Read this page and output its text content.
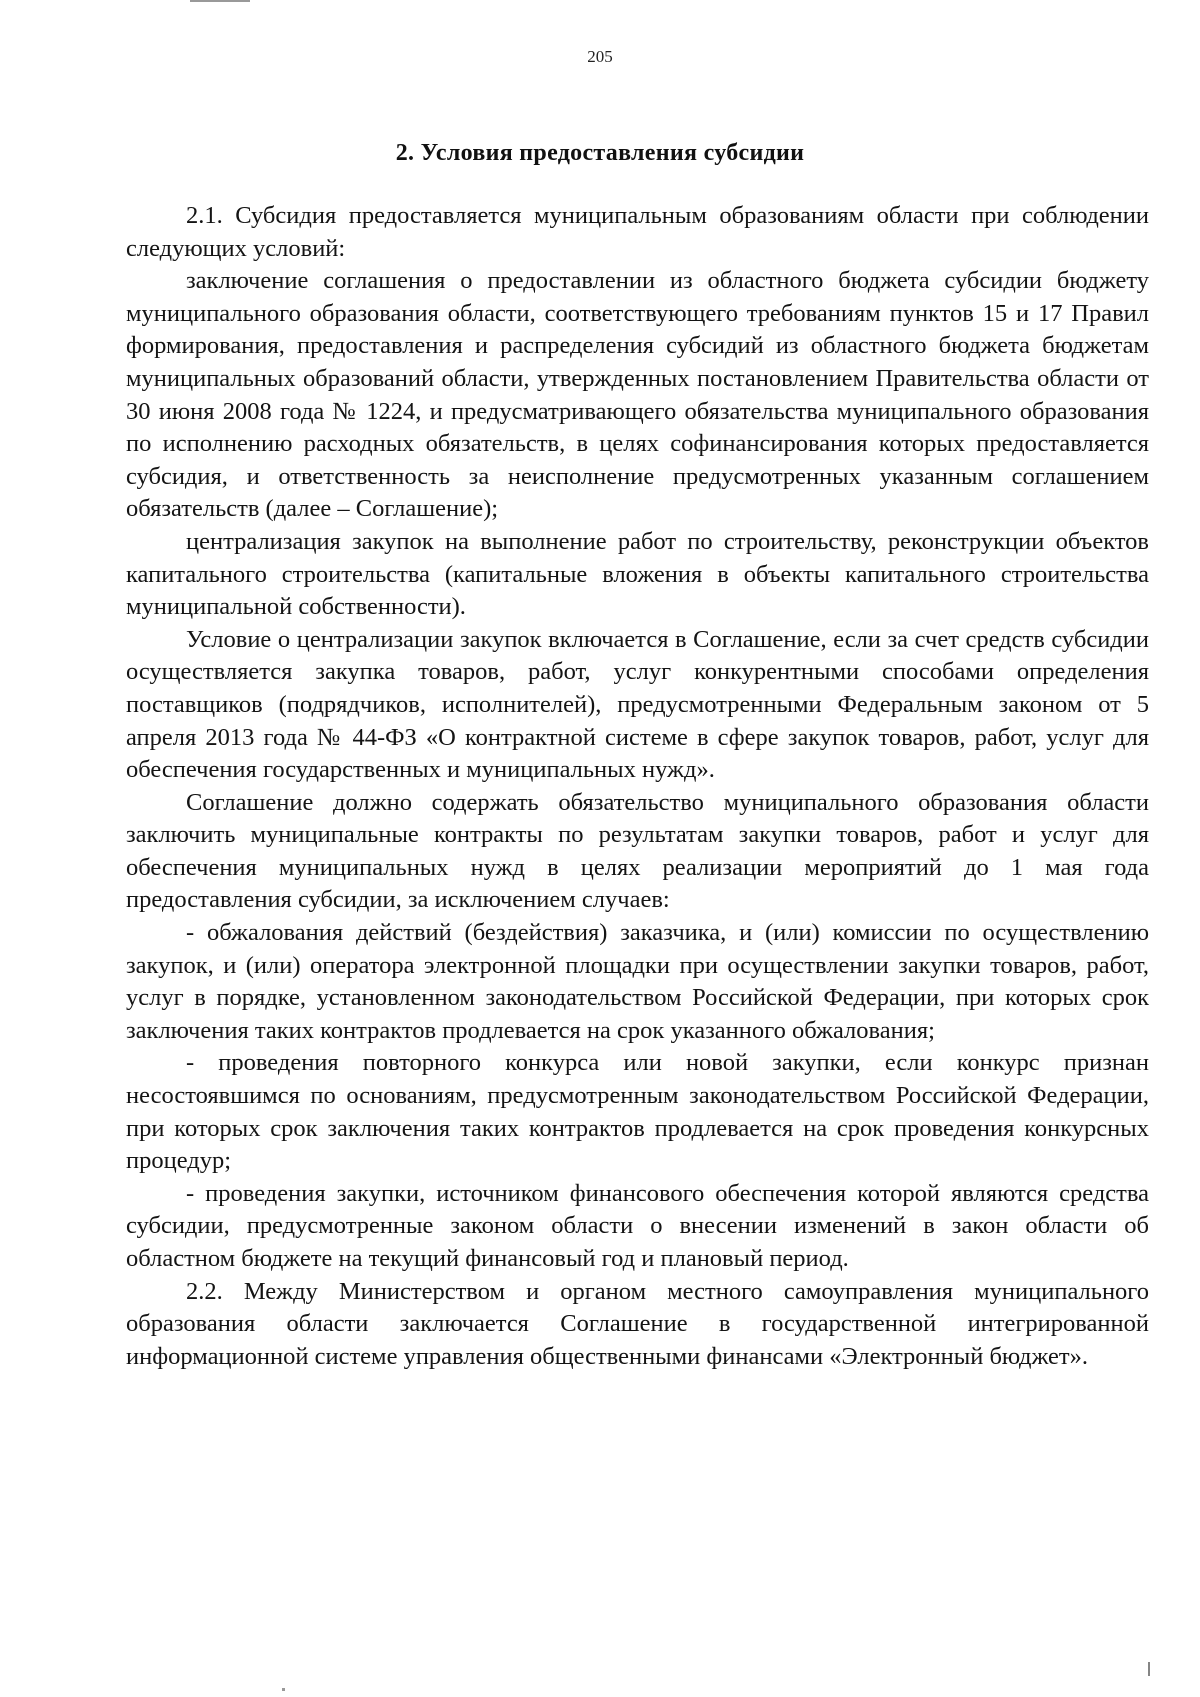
205
2. Условия предоставления субсидии

2.1. Субсидия предоставляется муниципальным образованиям области при соблюдении следующих условий:

заключение соглашения о предоставлении из областного бюджета субсидии бюджету муниципального образования области, соответствующего требованиям пунктов 15 и 17 Правил формирования, предоставления и распределения субсидий из областного бюджета бюджетам муниципальных образований области, утвержденных постановлением Правительства области от 30 июня 2008 года № 1224, и предусматривающего обязательства муниципального образования по исполнению расходных обязательств, в целях софинансирования которых предоставляется субсидия, и ответственность за неисполнение предусмотренных указанным соглашением обязательств (далее – Соглашение);

централизация закупок на выполнение работ по строительству, реконструкции объектов капитального строительства (капитальные вложения в объекты капитального строительства муниципальной собственности).

Условие о централизации закупок включается в Соглашение, если за счет средств субсидии осуществляется закупка товаров, работ, услуг конкурентными способами определения поставщиков (подрядчиков, исполнителей), предусмотренными Федеральным законом от 5 апреля 2013 года № 44-ФЗ «О контрактной системе в сфере закупок товаров, работ, услуг для обеспечения государственных и муниципальных нужд».

Соглашение должно содержать обязательство муниципального образования области заключить муниципальные контракты по результатам закупки товаров, работ и услуг для обеспечения муниципальных нужд в целях реализации мероприятий до 1 мая года предоставления субсидии, за исключением случаев:

- обжалования действий (бездействия) заказчика, и (или) комиссии по осуществлению закупок, и (или) оператора электронной площадки при осуществлении закупки товаров, работ, услуг в порядке, установленном законодательством Российской Федерации, при которых срок заключения таких контрактов продлевается на срок указанного обжалования;

- проведения повторного конкурса или новой закупки, если конкурс признан несостоявшимся по основаниям, предусмотренным законодательством Российской Федерации, при которых срок заключения таких контрактов продлевается на срок проведения конкурсных процедур;

- проведения закупки, источником финансового обеспечения которой являются средства субсидии, предусмотренные законом области о внесении изменений в закон области об областном бюджете на текущий финансовый год и плановый период.

2.2. Между Министерством и органом местного самоуправления муниципального образования области заключается Соглашение в государственной интегрированной информационной системе управления общественными финансами «Электронный бюджет».
